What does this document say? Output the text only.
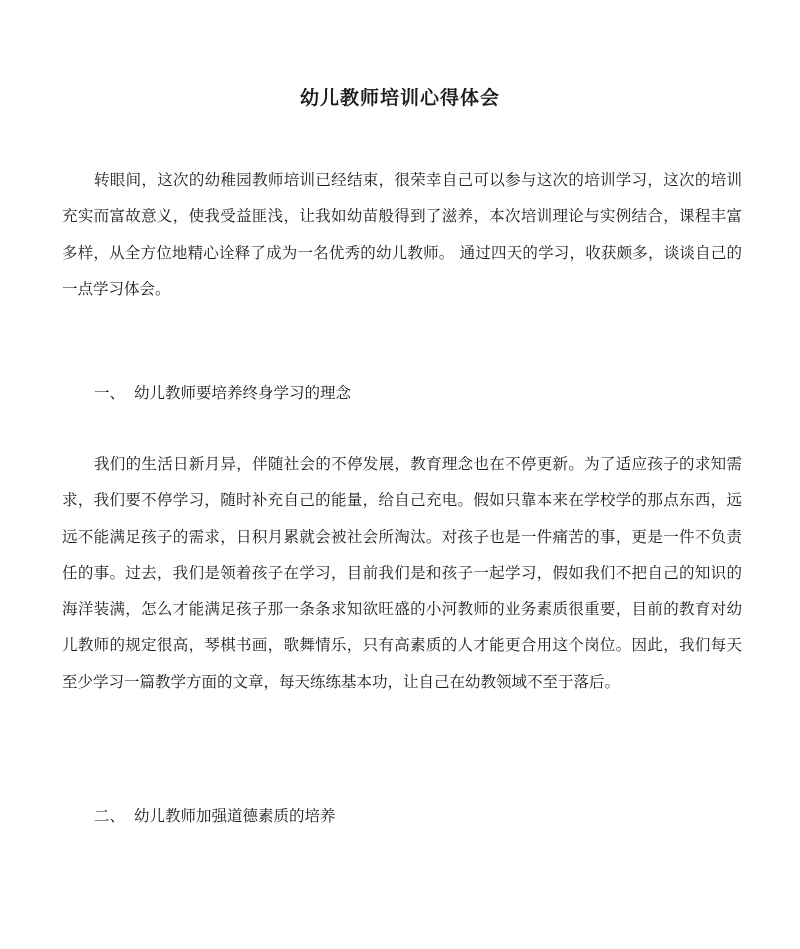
幼儿教师培训心得体会

转眼间，这次的幼稚园教师培训已经结束，很荣幸自己可以参与这次的培训学习，这次的培训充实而富故意义，使我受益匪浅，让我如幼苗般得到了滋养，本次培训理论与实例结合，课程丰富多样，从全方位地精心诠释了成为一名优秀的幼儿教师。 通过四天的学习，收获颇多，谈谈自己的一点学习体会。

一、 幼儿教师要培养终身学习的理念

我们的生活日新月异，伴随社会的不停发展，教育理念也在不停更新。为了适应孩子的求知需求，我们要不停学习，随时补充自己的能量，给自己充电。假如只靠本来在学校学的那点东西，远远不能满足孩子的需求，日积月累就会被社会所淘汰。对孩子也是一件痛苦的事，更是一件不负责任的事。过去，我们是领着孩子在学习，目前我们是和孩子一起学习，假如我们不把自己的知识的海洋装满，怎么才能满足孩子那一条条求知欲旺盛的小河教师的业务素质很重要，目前的教育对幼儿教师的规定很高，琴棋书画，歌舞情乐，只有高素质的人才能更合用这个岗位。因此，我们每天至少学习一篇教学方面的文章，每天练练基本功，让自己在幼教领域不至于落后。

二、 幼儿教师加强道德素质的培养
